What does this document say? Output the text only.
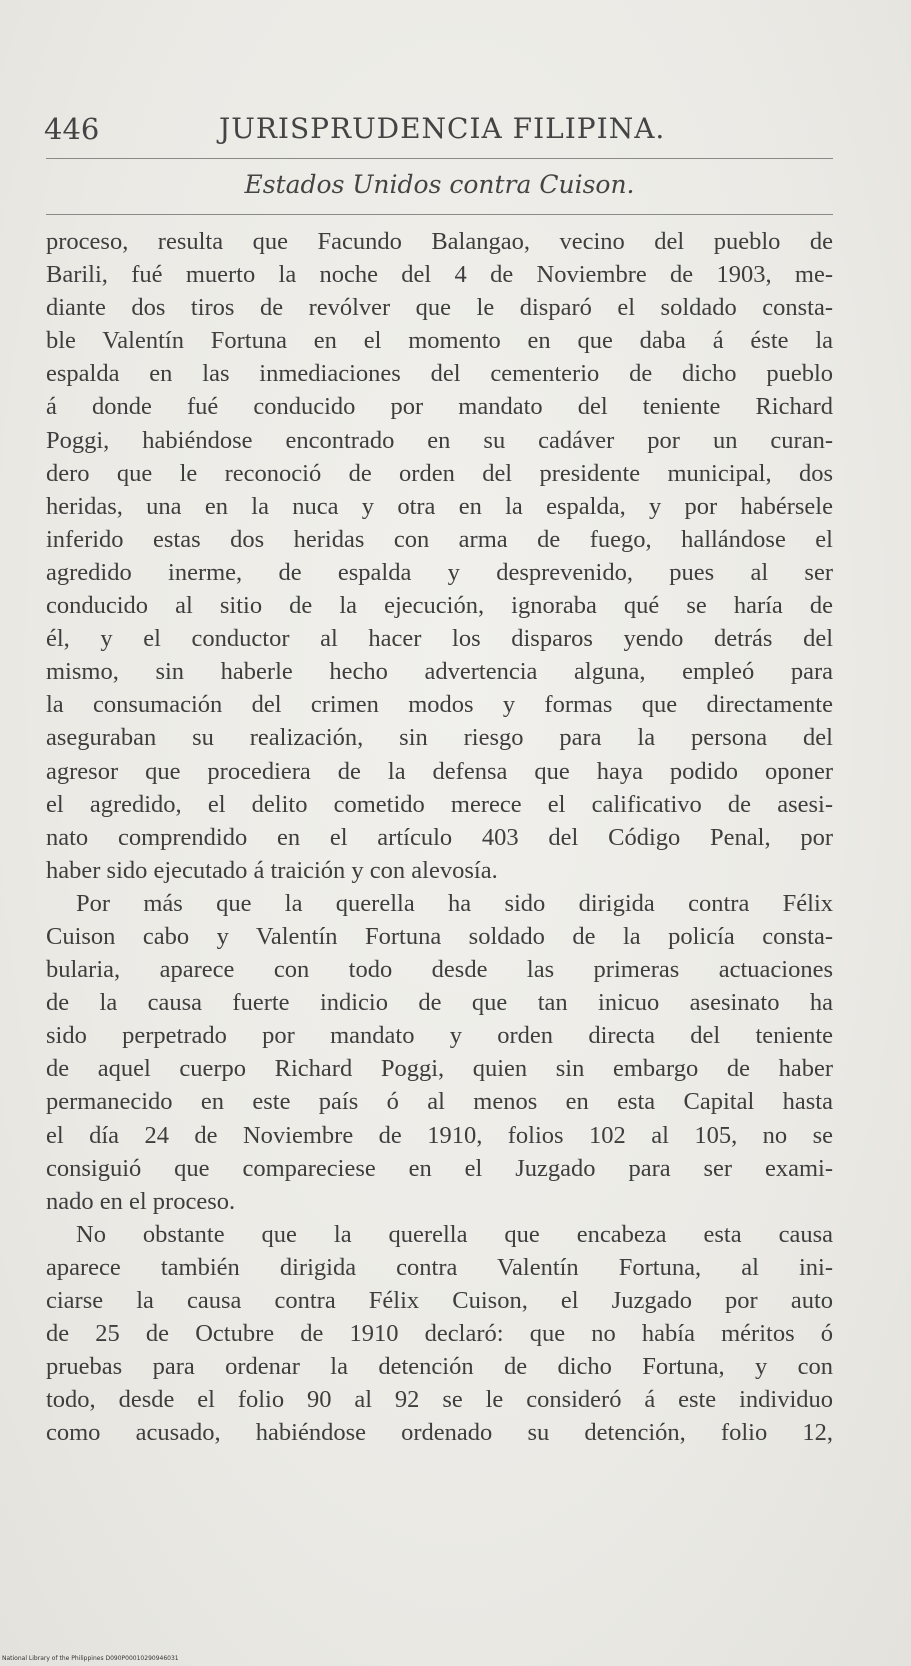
446	JURISPRUDENCIA FILIPINA.
Estados Unidos contra Cuison.
proceso, resulta que Facundo Balangao, vecino del pueblo de
Barili, fué muerto la noche del 4 de Noviembre de 1903, me-
diante dos tiros de revólver que le disparó el soldado consta-
ble Valentín Fortuna en el momento en que daba á éste la
espalda en las inmediaciones del cementerio de dicho pueblo
á donde fué conducido por mandato del teniente Richard
Poggi, habiéndose encontrado en su cadáver por un curan-
dero que le reconoció de orden del presidente municipal, dos
heridas, una en la nuca y otra en la espalda, y por habérsele
inferido estas dos heridas con arma de fuego, hallándose el
agredido inerme, de espalda y desprevenido, pues al ser
conducido al sitio de la ejecución, ignoraba qué se haría de
él, y el conductor al hacer los disparos yendo detrás del
mismo, sin haberle hecho advertencia alguna, empleó para
la consumación del crimen modos y formas que directamente
aseguraban su realización, sin riesgo para la persona del
agresor que procediera de la defensa que haya podido oponer
el agredido, el delito cometido merece el calificativo de asesi-
nato comprendido en el artículo 403 del Código Penal, por
haber sido ejecutado á traición y con alevosía.
Por más que la querella ha sido dirigida contra Félix
Cuison cabo y Valentín Fortuna soldado de la policía consta-
bularia, aparece con todo desde las primeras actuaciones
de la causa fuerte indicio de que tan inicuo asesinato ha
sido perpetrado por mandato y orden directa del teniente
de aquel cuerpo Richard Poggi, quien sin embargo de haber
permanecido en este país ó al menos en esta Capital hasta
el día 24 de Noviembre de 1910, folios 102 al 105, no se
consiguió que compareciese en el Juzgado para ser exami-
nado en el proceso.
No obstante que la querella que encabeza esta causa
aparece también dirigida contra Valentín Fortuna, al ini-
ciarse la causa contra Félix Cuison, el Juzgado por auto
de 25 de Octubre de 1910 declaró: que no había méritos ó
pruebas para ordenar la detención de dicho Fortuna, y con
todo, desde el folio 90 al 92 se le consideró á este individuo
como acusado, habiéndose ordenado su detención, folio 12,
National Library of the Philippines D090P00010290946031
